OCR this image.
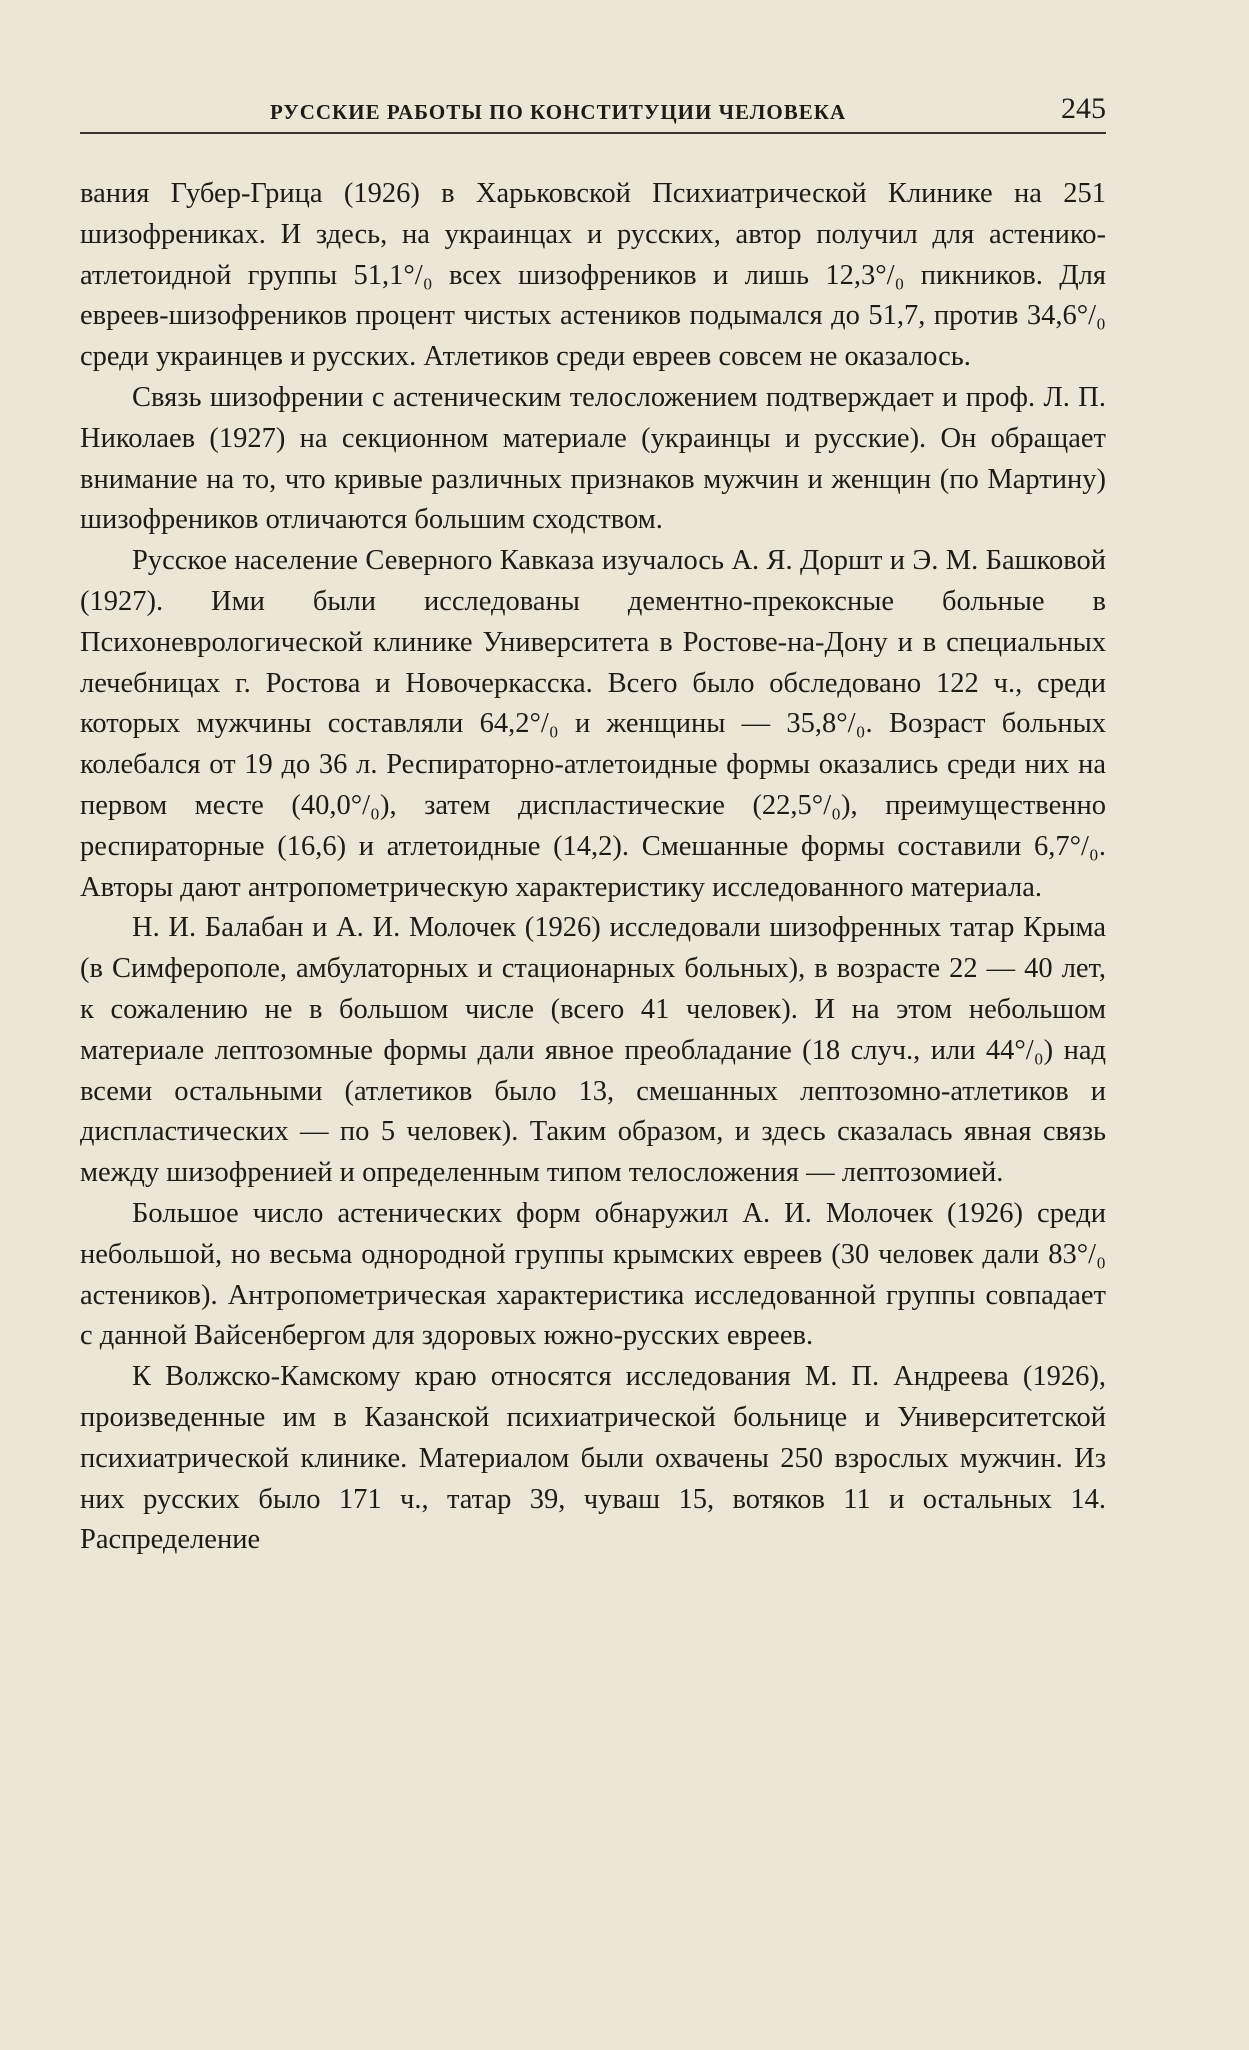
РУССКИЕ РАБОТЫ ПО КОНСТИТУЦИИ ЧЕЛОВЕКА	245

вания Губер-Грица (1926) в Харьковской Психиатрической Клинике на 251 шизофрениках. И здесь, на украинцах и русских, автор получил для астенико-атлетоидной группы 51,1°/₀ всех шизофреников и лишь 12,3°/₀ пикников. Для евреев-шизофреников процент чистых астеников подымался до 51,7, против 34,6°/₀ среди украинцев и русских. Атлетиков среди евреев совсем не оказалось.

Связь шизофрении с астеническим телосложением подтверждает и проф. Л. П. Николаев (1927) на секционном материале (украинцы и русские). Он обращает внимание на то, что кривые различных признаков мужчин и женщин (по Мартину) шизофреников отличаются большим сходством.

Русское население Северного Кавказа изучалось А. Я. Доршт и Э. М. Башковой (1927). Ими были исследованы дементно-прекоксные больные в Психоневрологической клинике Университета в Ростове-на-Дону и в специальных лечебницах г. Ростова и Новочеркасска. Всего было обследовано 122 ч., среди которых мужчины составляли 64,2°/₀ и женщины — 35,8°/₀. Возраст больных колебался от 19 до 36 л. Респираторно-атлетоидные формы оказались среди них на первом месте (40,0°/₀), затем диспластические (22,5°/₀), преимущественно респираторные (16,6) и атлетоидные (14,2). Смешанные формы составили 6,7°/₀. Авторы дают антропометрическую характеристику исследованного материала.

Н. И. Балабан и А. И. Молочек (1926) исследовали шизофренных татар Крыма (в Симферополе, амбулаторных и стационарных больных), в возрасте 22 — 40 лет, к сожалению не в большом числе (всего 41 человек). И на этом небольшом материале лептозомные формы дали явное преобладание (18 случ., или 44°/₀) над всеми остальными (атлетиков было 13, смешанных лептозомно-атлетиков и диспластических — по 5 человек). Таким образом, и здесь сказалась явная связь между шизофренией и определенным типом телосложения — лептозомией.

Большое число астенических форм обнаружил А. И. Молочек (1926) среди небольшой, но весьма однородной группы крымских евреев (30 человек дали 83°/₀ астеников). Антропометрическая характеристика исследованной группы совпадает с данной Вайсенбергом для здоровых южно-русских евреев.

К Волжско-Камскому краю относятся исследования М. П. Андреева (1926), произведенные им в Казанской психиатрической больнице и Университетской психиатрической клинике. Материалом были охвачены 250 взрослых мужчин. Из них русских было 171 ч., татар 39, чуваш 15, вотяков 11 и остальных 14. Распределение
